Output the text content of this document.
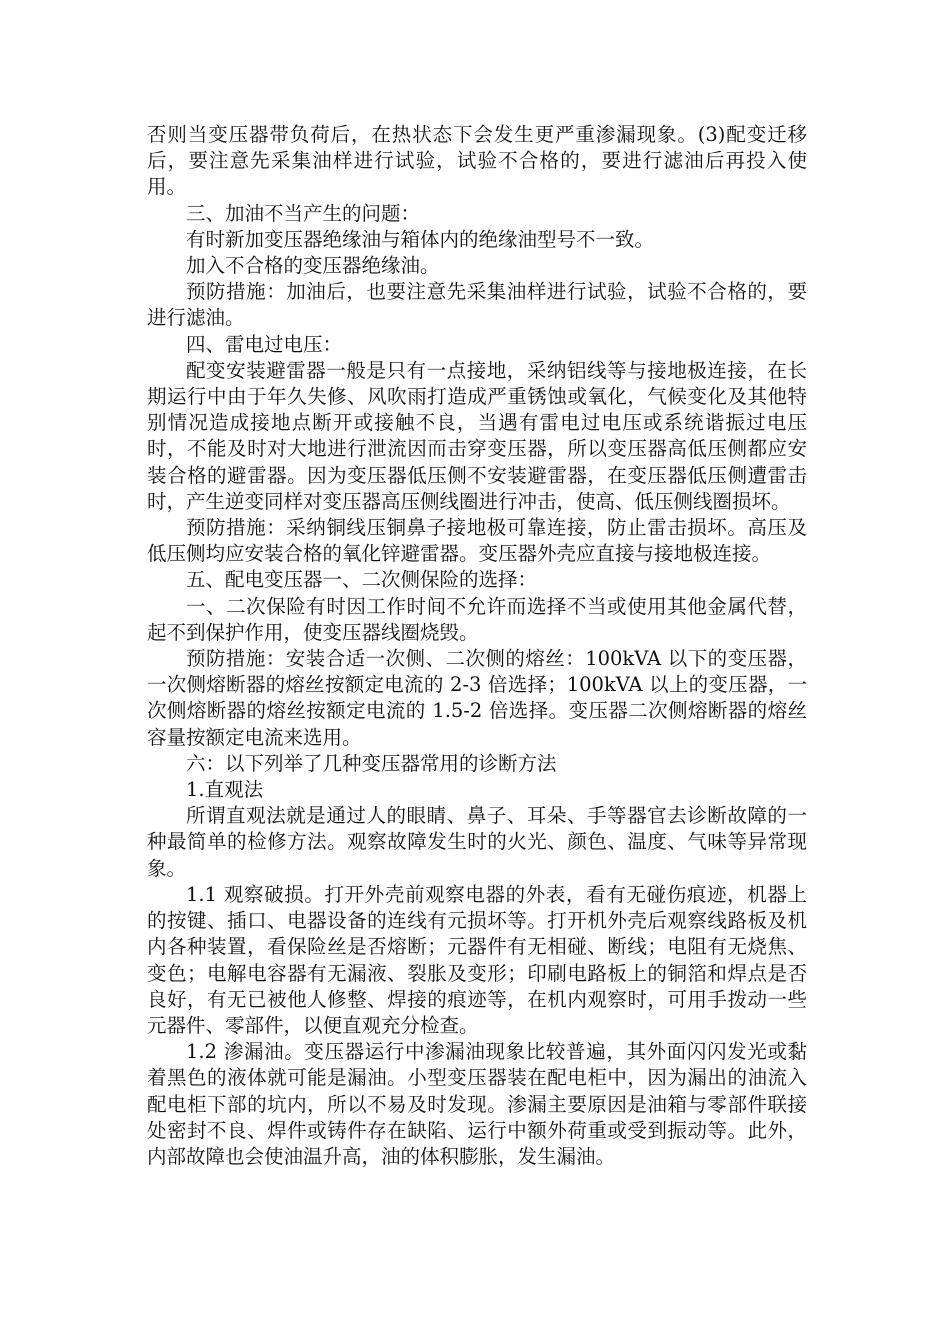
否则当变压器带负荷后，在热状态下会发生更严重渗漏现象。(3)配变迁移后，要注意先采集油样进行试验，试验不合格的，要进行滤油后再投入使用。

三、加油不当产生的问题：

有时新加变压器绝缘油与箱体内的绝缘油型号不一致。

加入不合格的变压器绝缘油。

预防措施：加油后，也要注意先采集油样进行试验，试验不合格的，要进行滤油。

四、雷电过电压：

配变安装避雷器一般是只有一点接地，采纳铝线等与接地极连接，在长期运行中由于年久失修、风吹雨打造成严重锈蚀或氧化，气候变化及其他特别情况造成接地点断开或接触不良，当遇有雷电过电压或系统谐振过电压时，不能及时对大地进行泄流因而击穿变压器，所以变压器高低压侧都应安装合格的避雷器。因为变压器低压侧不安装避雷器，在变压器低压侧遭雷击时，产生逆变同样对变压器高压侧线圈进行冲击，使高、低压侧线圈损坏。

预防措施：采纳铜线压铜鼻子接地极可靠连接，防止雷击损坏。高压及低压侧均应安装合格的氧化锌避雷器。变压器外壳应直接与接地极连接。

五、配电变压器一、二次侧保险的选择：

一、二次保险有时因工作时间不允许而选择不当或使用其他金属代替，起不到保护作用，使变压器线圈烧毁。

预防措施：安装合适一次侧、二次侧的熔丝：100kVA 以下的变压器，一次侧熔断器的熔丝按额定电流的 2-3 倍选择；100kVA 以上的变压器，一次侧熔断器的熔丝按额定电流的 1.5-2 倍选择。变压器二次侧熔断器的熔丝容量按额定电流来选用。

六：以下列举了几种变压器常用的诊断方法

1.直观法

所谓直观法就是通过人的眼睛、鼻子、耳朵、手等器官去诊断故障的一种最简单的检修方法。观察故障发生时的火光、颜色、温度、气味等异常现象。

1.1 观察破损。打开外壳前观察电器的外表，看有无碰伤痕迹，机器上的按键、插口、电器设备的连线有元损坏等。打开机外壳后观察线路板及机内各种装置，看保险丝是否熔断；元器件有无相碰、断线；电阻有无烧焦、变色；电解电容器有无漏液、裂胀及变形；印刷电路板上的铜箔和焊点是否良好，有无已被他人修整、焊接的痕迹等，在机内观察时，可用手拨动一些元器件、零部件，以便直观充分检查。

1.2 渗漏油。变压器运行中渗漏油现象比较普遍，其外面闪闪发光或黏着黑色的液体就可能是漏油。小型变压器装在配电柜中，因为漏出的油流入配电柜下部的坑内，所以不易及时发现。渗漏主要原因是油箱与零部件联接处密封不良、焊件或铸件存在缺陷、运行中额外荷重或受到振动等。此外，内部故障也会使油温升高，油的体积膨胀，发生漏油。
